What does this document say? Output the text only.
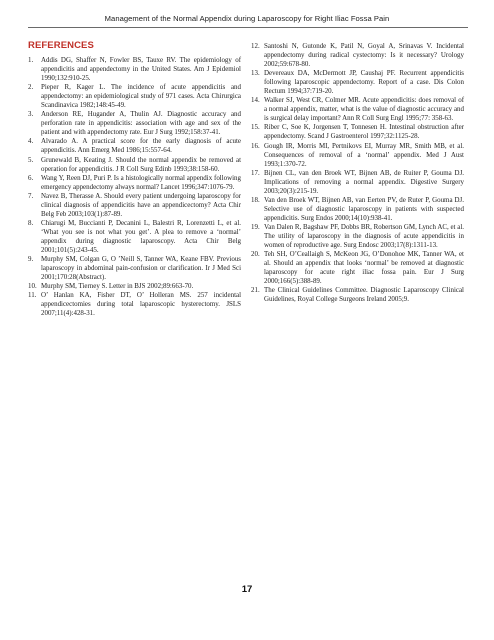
Management of the Normal Appendix during Laparoscopy for Right Iliac Fossa Pain
REFERENCES
1.	Addis DG, Shaffer N, Fowler BS, Tauxe RV. The epidemiology of appendicitis and appendectomy in the United States. Am J Epidemiol 1990;132:910-25.
2.	Pieper R, Kager L. The incidence of acute appendicitis and appendectomy: an epidemiological study of 971 cases. Acta Chirurgica Scandinavica 1982;148:45-49.
3.	Anderson RE, Hugander A, Thulin AJ. Diagnostic accuracy and perforation rate in appendicitis: association with age and sex of the patient and with appendectomy rate. Eur J Surg 1992;158:37-41.
4.	Alvarado A. A practical score for the early diagnosis of acute appendicitis. Ann Emerg Med 1986;15:557-64.
5.	Grunewald B, Keating J. Should the normal appendix be removed at operation for appendicitis. J R Coll Surg Edinb 1993;38:158-60.
6.	Wang Y, Reen DJ, Puri P. Is a histologically normal appendix following emergency appendectomy always normal? Lancet 1996;347:1076-79.
7.	Navez B, Therasse A. Should every patient undergoing laparoscopy for clinical diagnosis of appendicitis have an appendicectomy? Acta Chir Belg Feb 2003;103(1):87-89.
8.	Chiarugi M, Buccianti P, Decanini L, Balestri R, Lorenzetti L, et al. ‘What you see is not what you get’. A plea to remove a ‘normal’ appendix during diagnostic laparoscopy. Acta Chir Belg 2001;101(5):243-45.
9.	Murphy SM, Colgan G, O ’Neill S, Tanner WA, Keane FBV. Previous laparoscopy in abdominal pain-confusion or clarification. Ir J Med Sci 2001;170:28(Abstract).
10. Murphy SM, Tierney S. Letter in BJS 2002;89:663-70.
11. O’ Hanlan KA, Fisher DT, O’ Holleran MS. 257 incidental appendicectomies during total laparoscopic hysterectomy. JSLS 2007;11(4):428-31.
12. Santoshi N, Gutonde K, Patil N, Goyal A, Srinavas V. Incidental appendectomy during radical cystectomy: Is it necessary? Urology 2002;59:678-80.
13. Devereaux DA, McDermott JP, Caushaj PF. Recurrent appendicitis following laparoscopic appendectomy. Report of a case. Dis Colon Rectum 1994;37:719-20.
14. Walker SJ, West CR, Colmer MR. Acute appendicitis: does removal of a normal appendix, matter, what is the value of diagnostic accuracy and is surgical delay important? Ann R Coll Surg Engl 1995;77: 358-63.
15. Riber C, Soe K, Jorgensen T, Tonnesen H. Intestinal obstruction after appendectomy. Scand J Gastroenterol 1997;32:1125-28.
16. Gough IR, Morris MI, Pertnikovs EI, Murray MR, Smith MB, et al. Consequences of removal of a ‘normal’ appendix. Med J Aust 1993;1:370-72.
17. Bijnen CL, van den Broek WT, Bijnen AB, de Ruiter P, Gouma DJ. Implications of removing a normal appendix. Digestive Surgery 2003;20(3):215-19.
18. Van den Broek WT, Bijnen AB, van Eerten PV, de Ruter P, Gouma DJ. Selective use of diagnostic laparoscopy in patients with suspected appendicitis. Surg Endos 2000;14(10):938-41.
19. Van Dalen R, Bagshaw PF, Dobbs BR, Robertson GM, Lynch AC, et al. The utility of laparoscopy in the diagnosis of acute appendicitis in women of reproductive age. Surg Endosc 2003;17(8):1311-13.
20. Teh SH, O’Ceallaigh S, McKeon JG, O’Donohoe MK, Tanner WA, et al. Should an appendix that looks ‘normal’ be removed at diagnostic laparoscopy for acute right iliac fossa pain. Eur J Surg 2000;166(5):388-89.
21. The Clinical Guidelines Committee. Diagnostic Laparoscopy Clinical Guidelines, Royal College Surgeons Ireland 2005;9.
17
